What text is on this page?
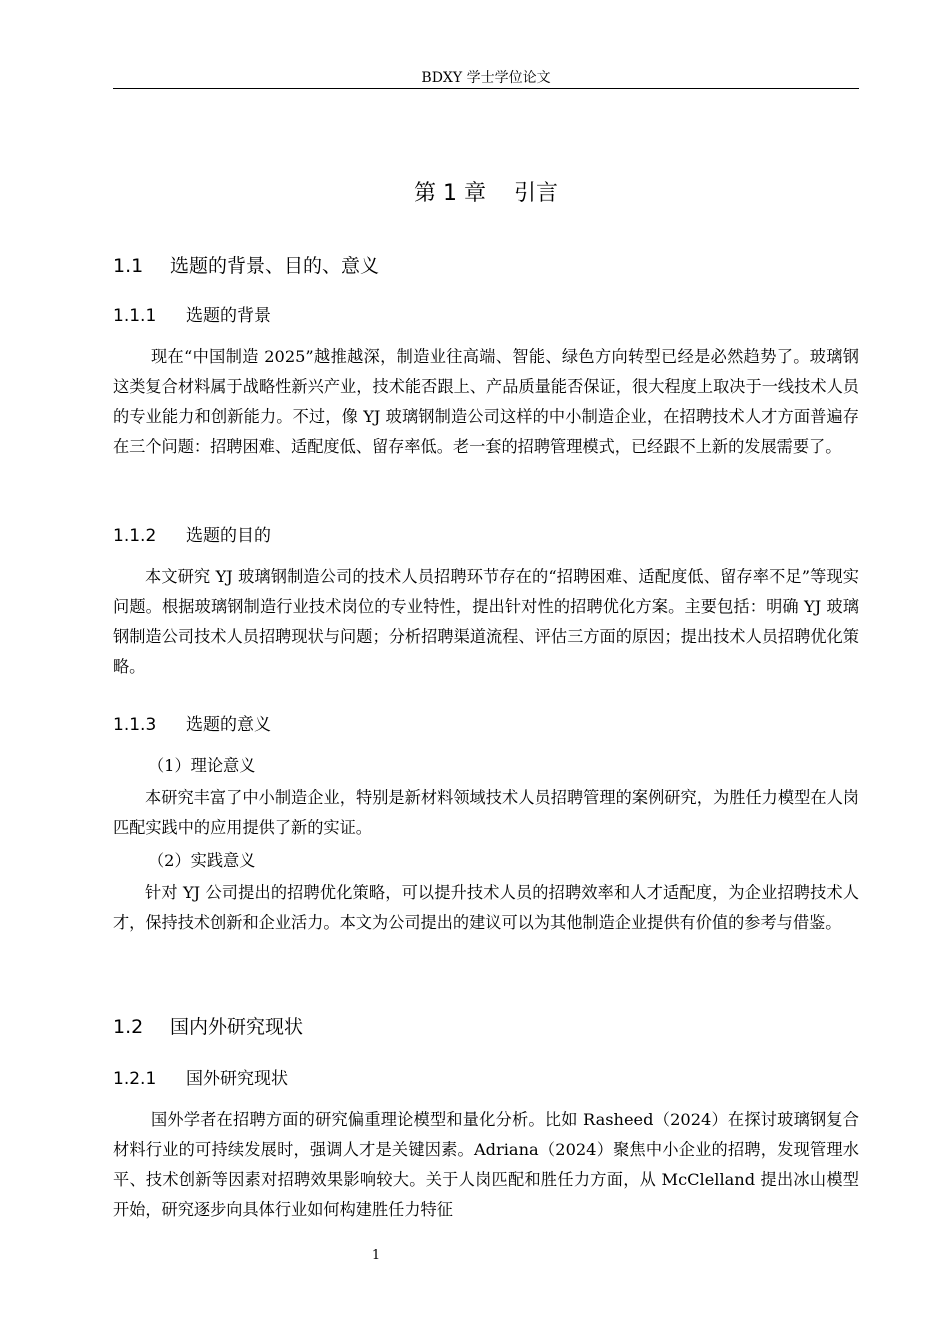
BDXY 学士学位论文
第 1 章    引言
1.1 选题的背景、目的、意义
1.1.1 选题的背景

现在“中国制造 2025”越推越深，制造业往高端、智能、绿色方向转型已经是必然趋势了。玻璃钢这类复合材料属于战略性新兴产业，技术能否跟上、产品质量能否保证，很大程度上取决于一线技术人员的专业能力和创新能力。不过，像 YJ 玻璃钢制造公司这样的中小制造企业，在招聘技术人才方面普遍存在三个问题：招聘困难、适配度低、留存率低。老一套的招聘管理模式，已经跟不上新的发展需要了。

1.1.2 选题的目的

本文研究 YJ 玻璃钢制造公司的技术人员招聘环节存在的“招聘困难、适配度低、留存率不足”等现实问题。根据玻璃钢制造行业技术岗位的专业特性，提出针对性的招聘优化方案。主要包括：明确 YJ 玻璃钢制造公司技术人员招聘现状与问题；分析招聘渠道流程、评估三方面的原因；提出技术人员招聘优化策略。

1.1.3 选题的意义
（1）理论意义

本研究丰富了中小制造企业，特别是新材料领域技术人员招聘管理的案例研究，为胜任力模型在人岗匹配实践中的应用提供了新的实证。

（2）实践意义

针对 YJ 公司提出的招聘优化策略，可以提升技术人员的招聘效率和人才适配度，为企业招聘技术人才，保持技术创新和企业活力。本文为公司提出的建议可以为其他制造企业提供有价值的参考与借鉴。

1.2 国内外研究现状
1.2.1 国外研究现状

国外学者在招聘方面的研究偏重理论模型和量化分析。比如 Rasheed（2024）在探讨玻璃钢复合材料行业的可持续发展时，强调人才是关键因素。Adriana（2024）聚焦中小企业的招聘，发现管理水平、技术创新等因素对招聘效果影响较大。关于人岗匹配和胜任力方面，从 McClelland 提出冰山模型开始，研究逐步向具体行业如何构建胜任力特征

1
